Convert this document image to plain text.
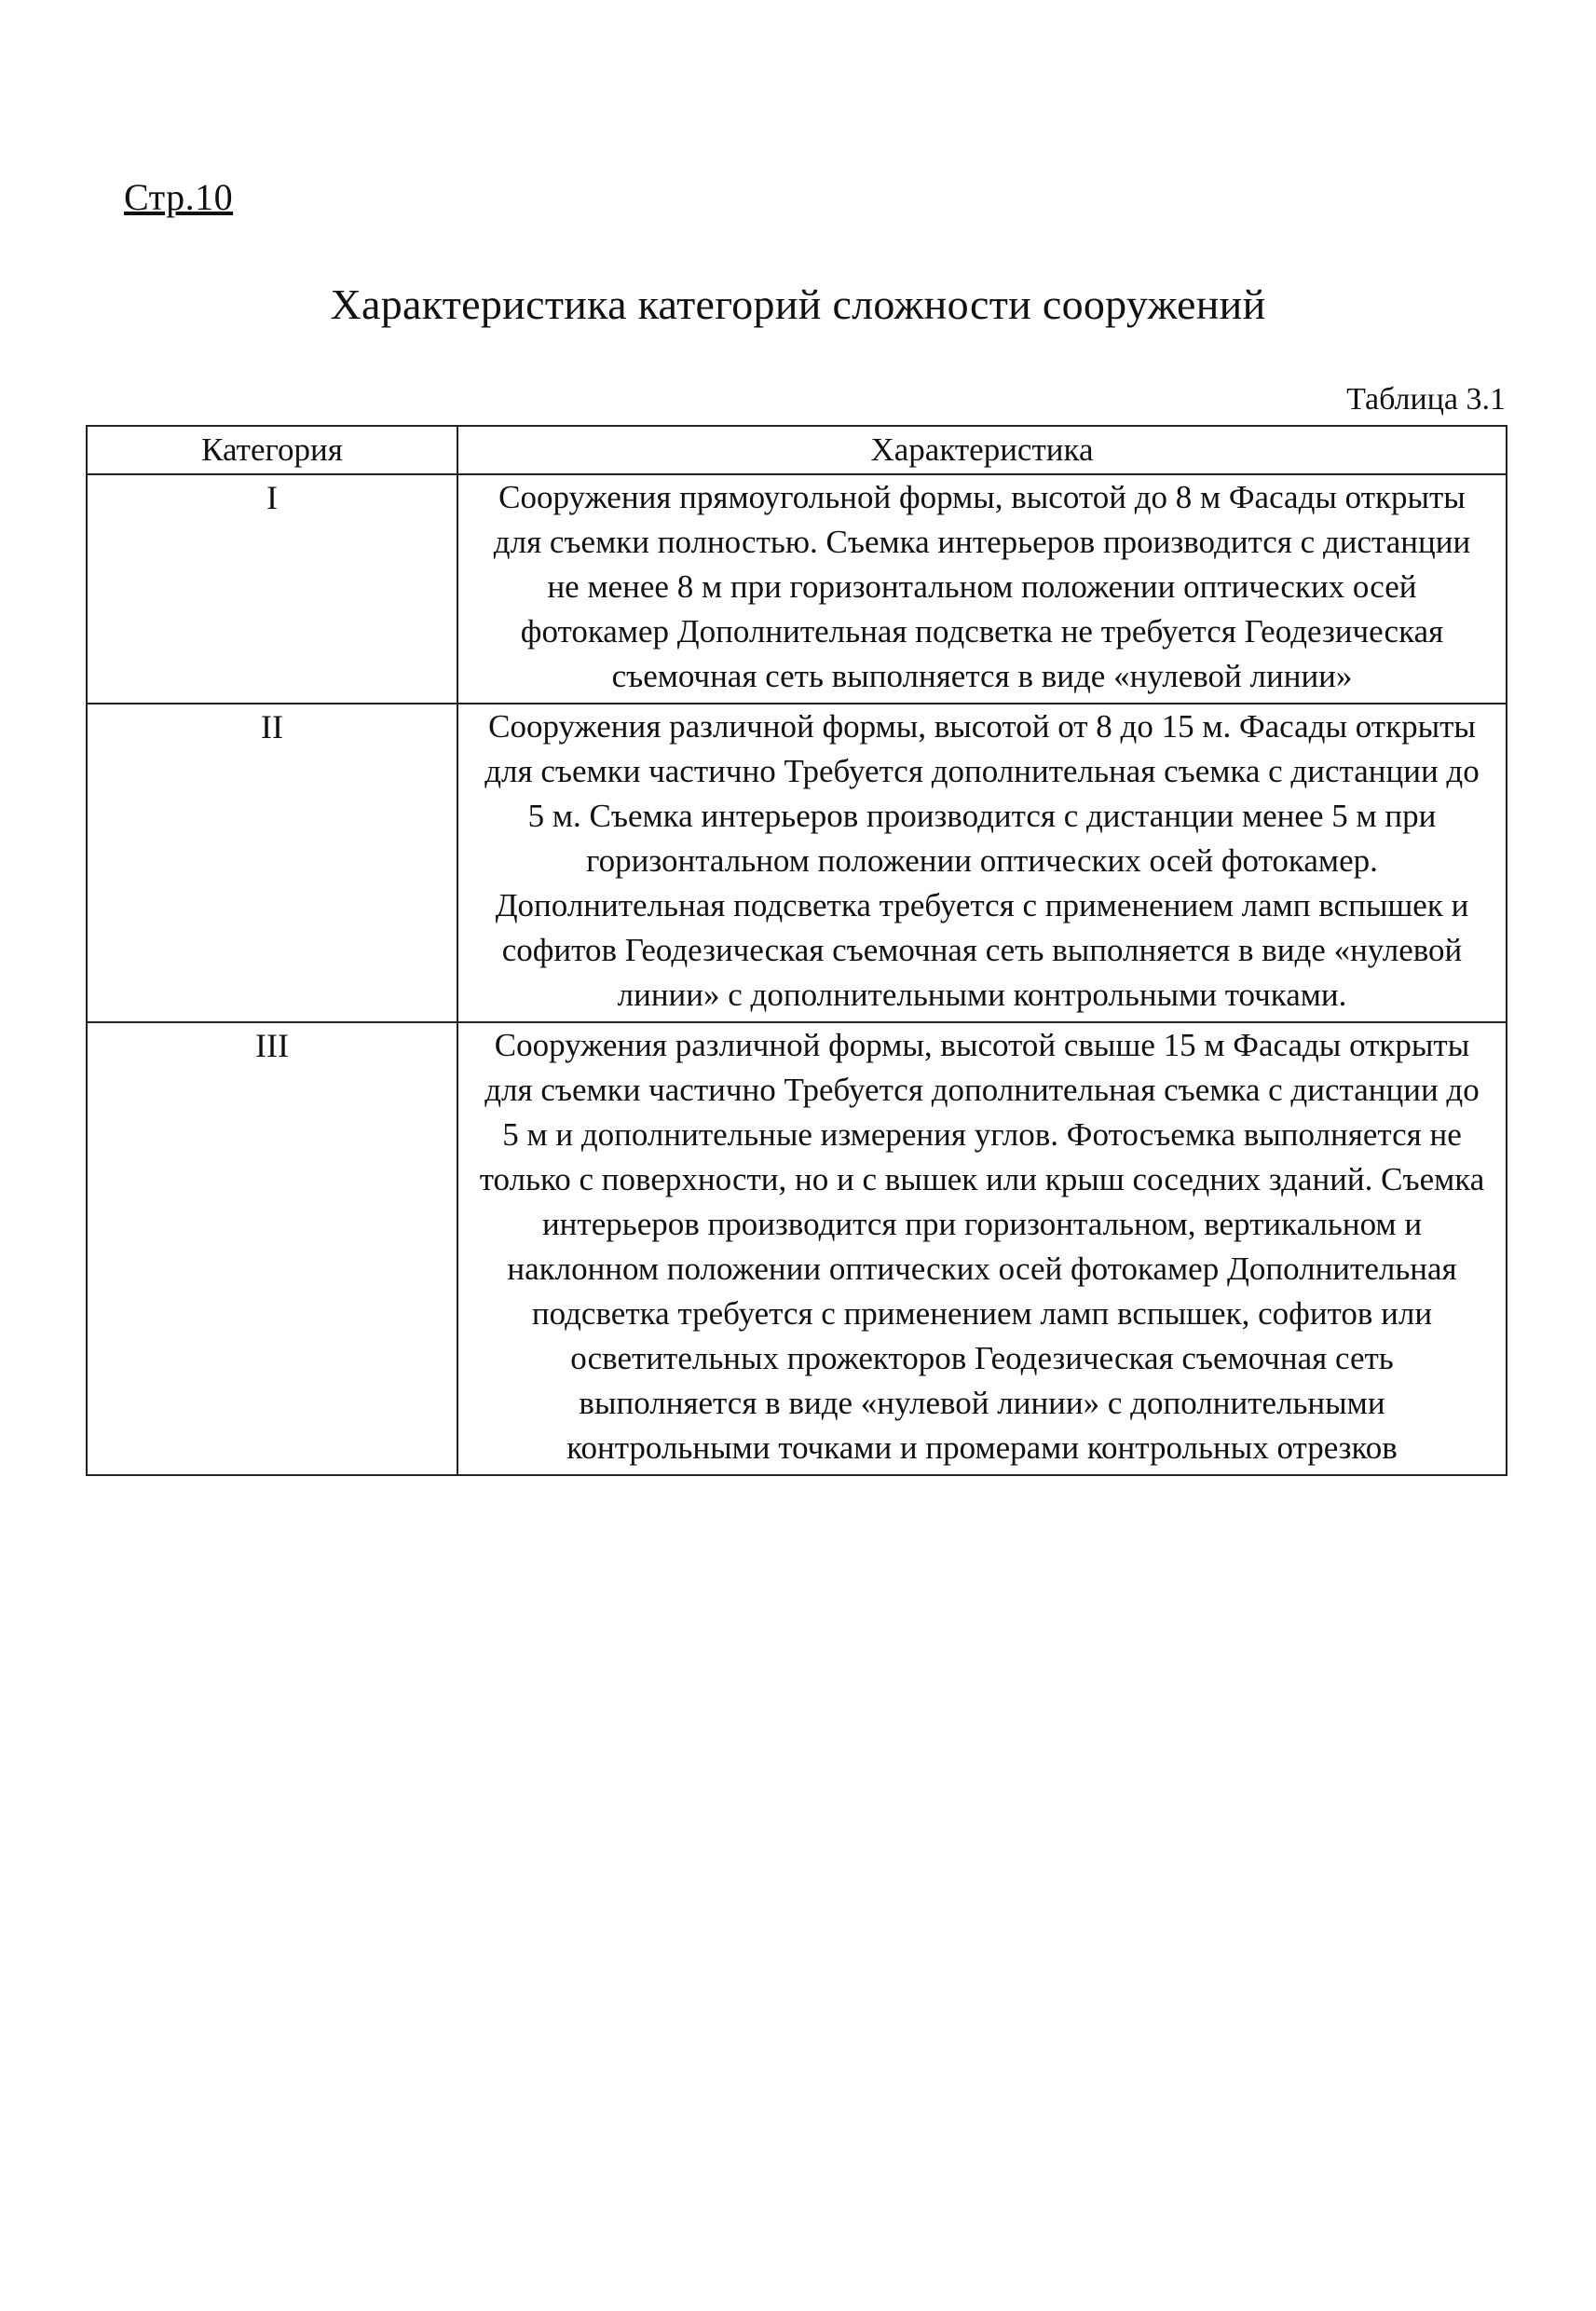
Стр.10
Характеристика категорий сложности сооружений
Таблица 3.1
Категория	Характеристика
I	Сооружения прямоугольной формы, высотой до 8 м Фасады открыты для съемки полностью. Съемка интерьеров производится с дистанции не менее 8 м при горизонтальном положении оптических осей фотокамер Дополнительная подсветка не требуется Геодезическая съемочная сеть выполняется в виде «нулевой линии»
II	Сооружения различной формы, высотой от 8 до 15 м. Фасады открыты для съемки частично Требуется дополнительная съемка с дистанции до 5 м. Съемка интерьеров производится с дистанции менее 5 м при горизонтальном положении оптических осей фотокамер. Дополнительная подсветка требуется с применением ламп вспышек и софитов Геодезическая съемочная сеть выполняется в виде «нулевой линии» с дополнительными контрольными точками.
III	Сооружения различной формы, высотой свыше 15 м Фасады открыты для съемки частично Требуется дополнительная съемка с дистанции до 5 м и дополнительные измерения углов. Фотосъемка выполняется не только с поверхности, но и с вышек или крыш соседних зданий. Съемка интерьеров производится при горизонтальном, вертикальном и наклонном положении оптических осей фотокамер Дополнительная подсветка требуется с применением ламп вспышек, софитов или осветительных прожекторов Геодезическая съемочная сеть выполняется в виде «нулевой линии» с дополнительными контрольными точками и промерами контрольных отрезков
